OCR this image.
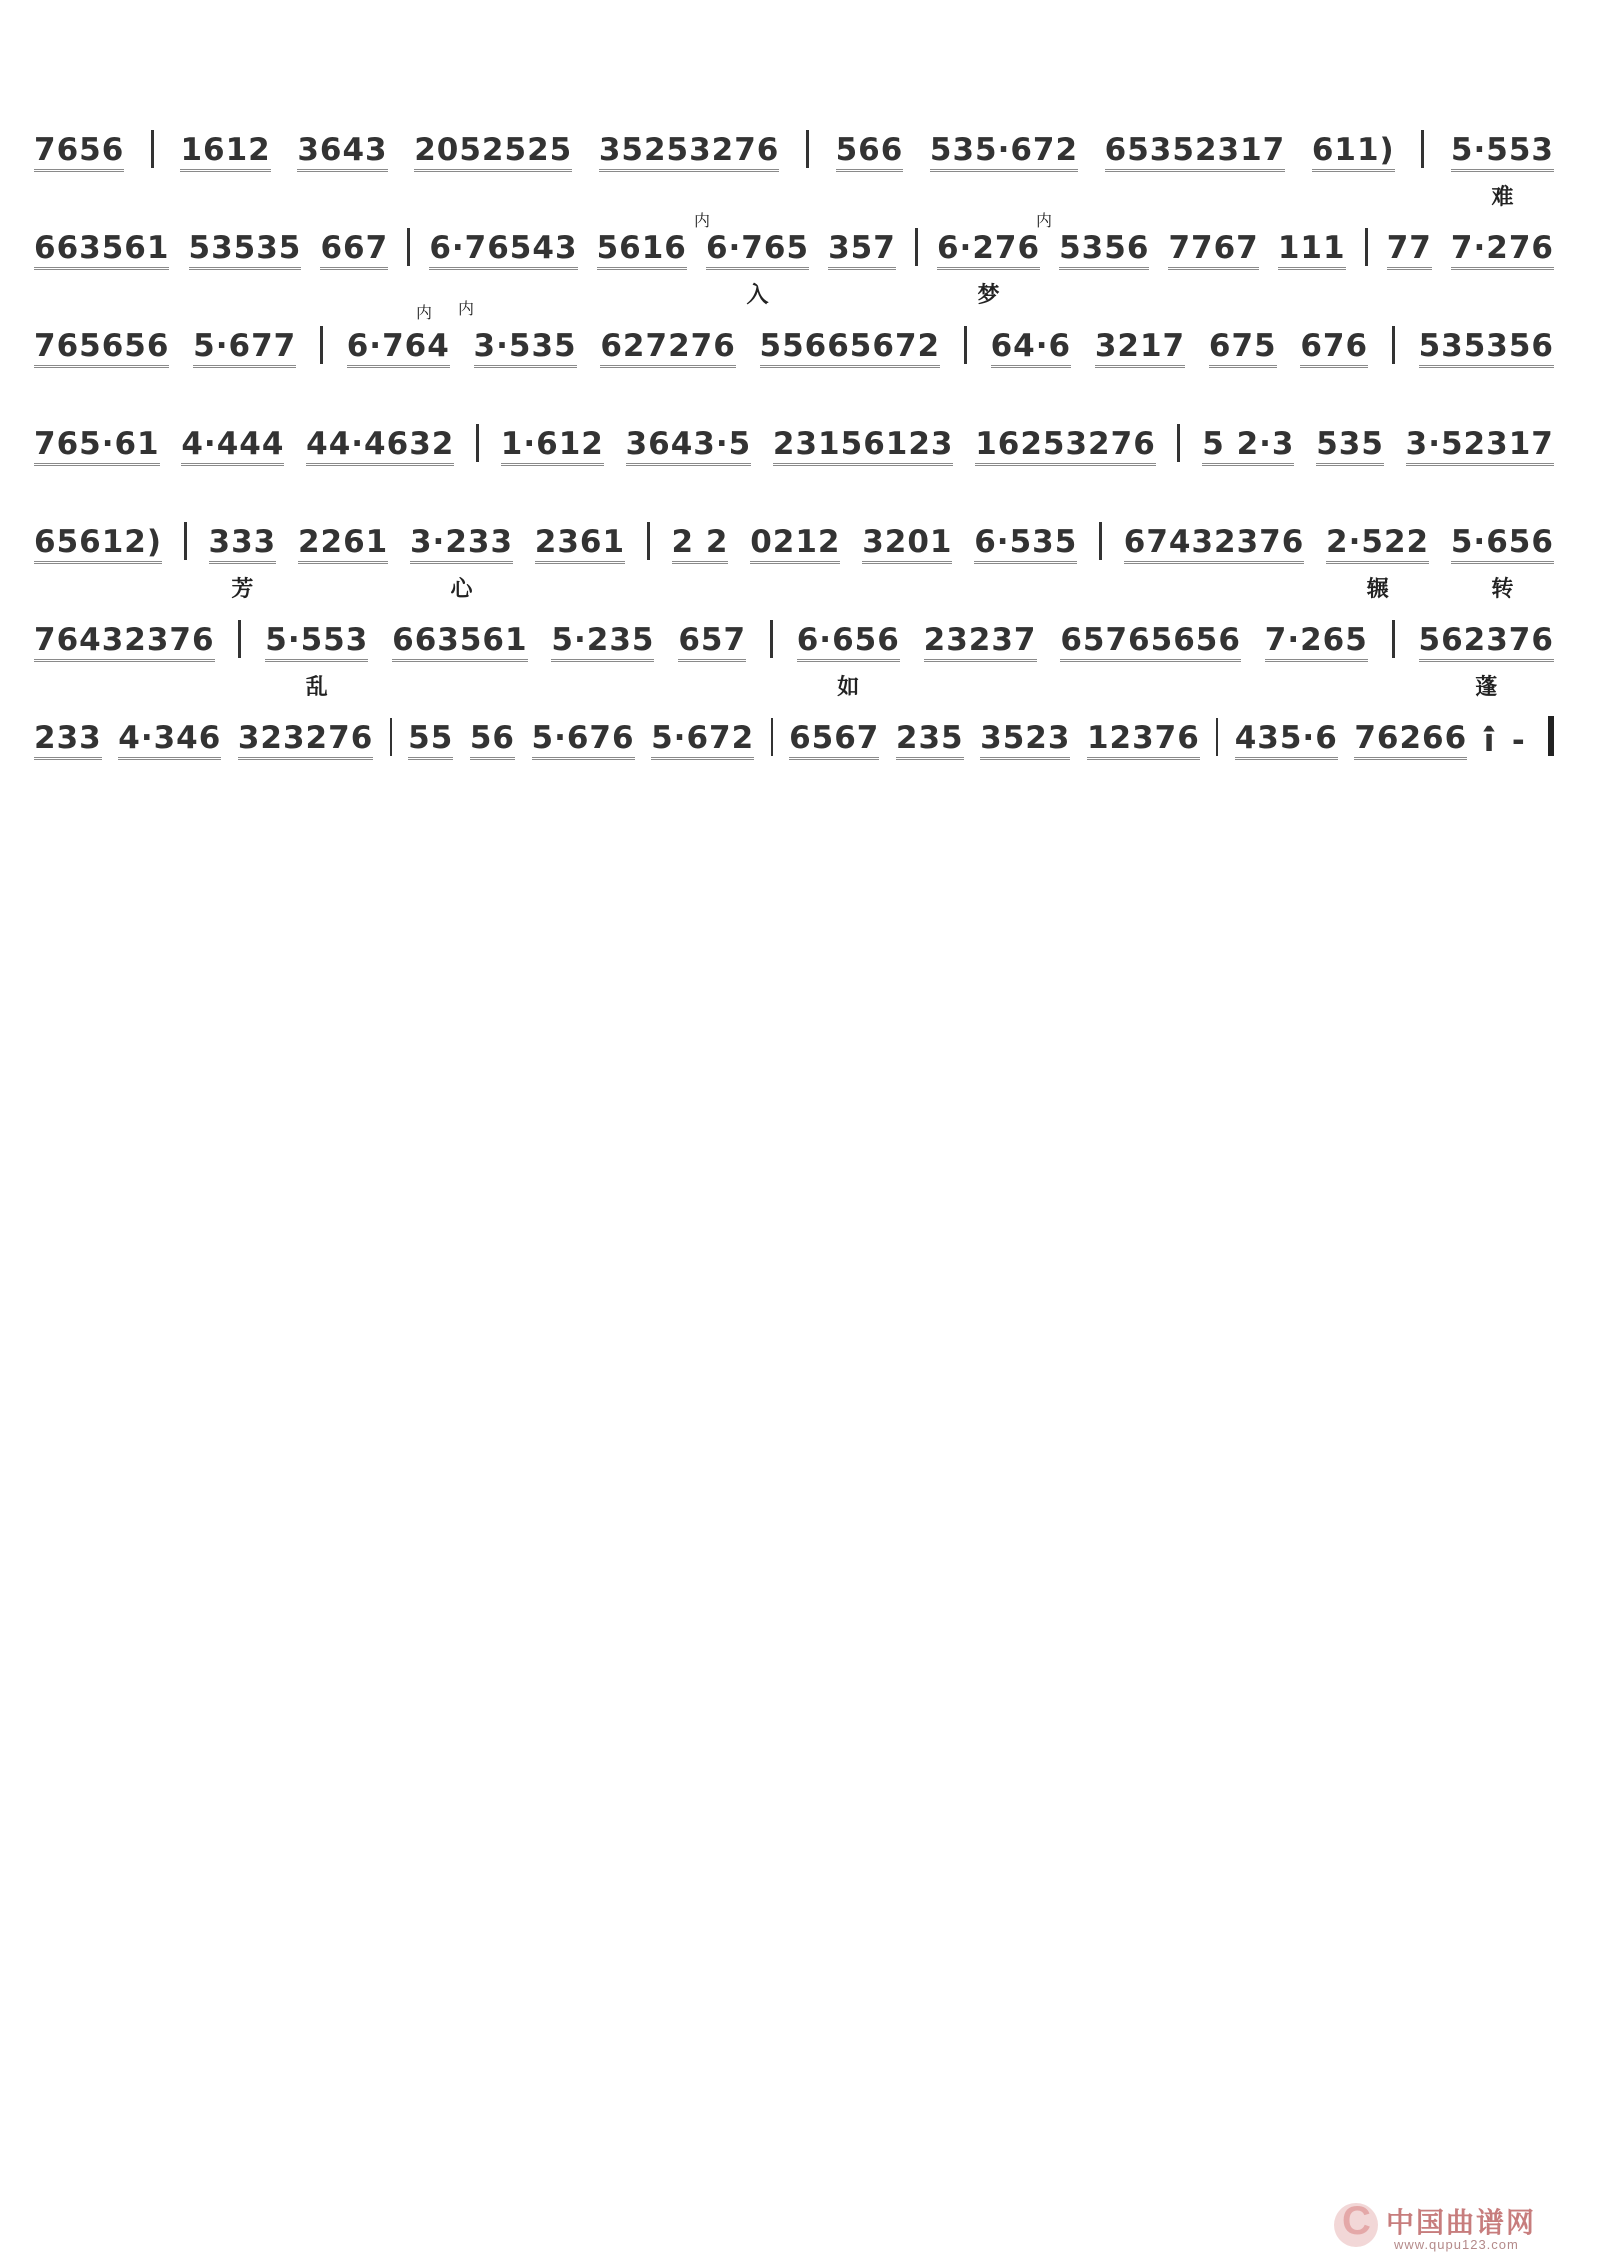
7656 1612 3643 2052525 35253276 566 535·672 65352317 611) 5·553
难
663561 53535 667 6·76543 5616 6·765 357 6·276 5356 7767 111 77 7·276
内	内
入	梦
765656 5·677 6·764 3·535 627276 55665672 64·6 3217 675 676 535356
内 内
765·61 4·444 44·4632 1·612 3643·5 23156123 16253276 5 2·3 535 3·52317
65612) 333 2261 3·233 2361 2 2 0212 3201 6·535 67432376 2·522 5·656
芳	心	辗	转
76432376 5·553 663561 5·235 657 6·656 23237 65765656 7·265 562376
乱	如	蓬
233 4·346 323276 55 56 5·676 5·672 6567 235 3523 12376 435·6 76266 i̇̂ -
C
中国曲谱网
www.qupu123.com
